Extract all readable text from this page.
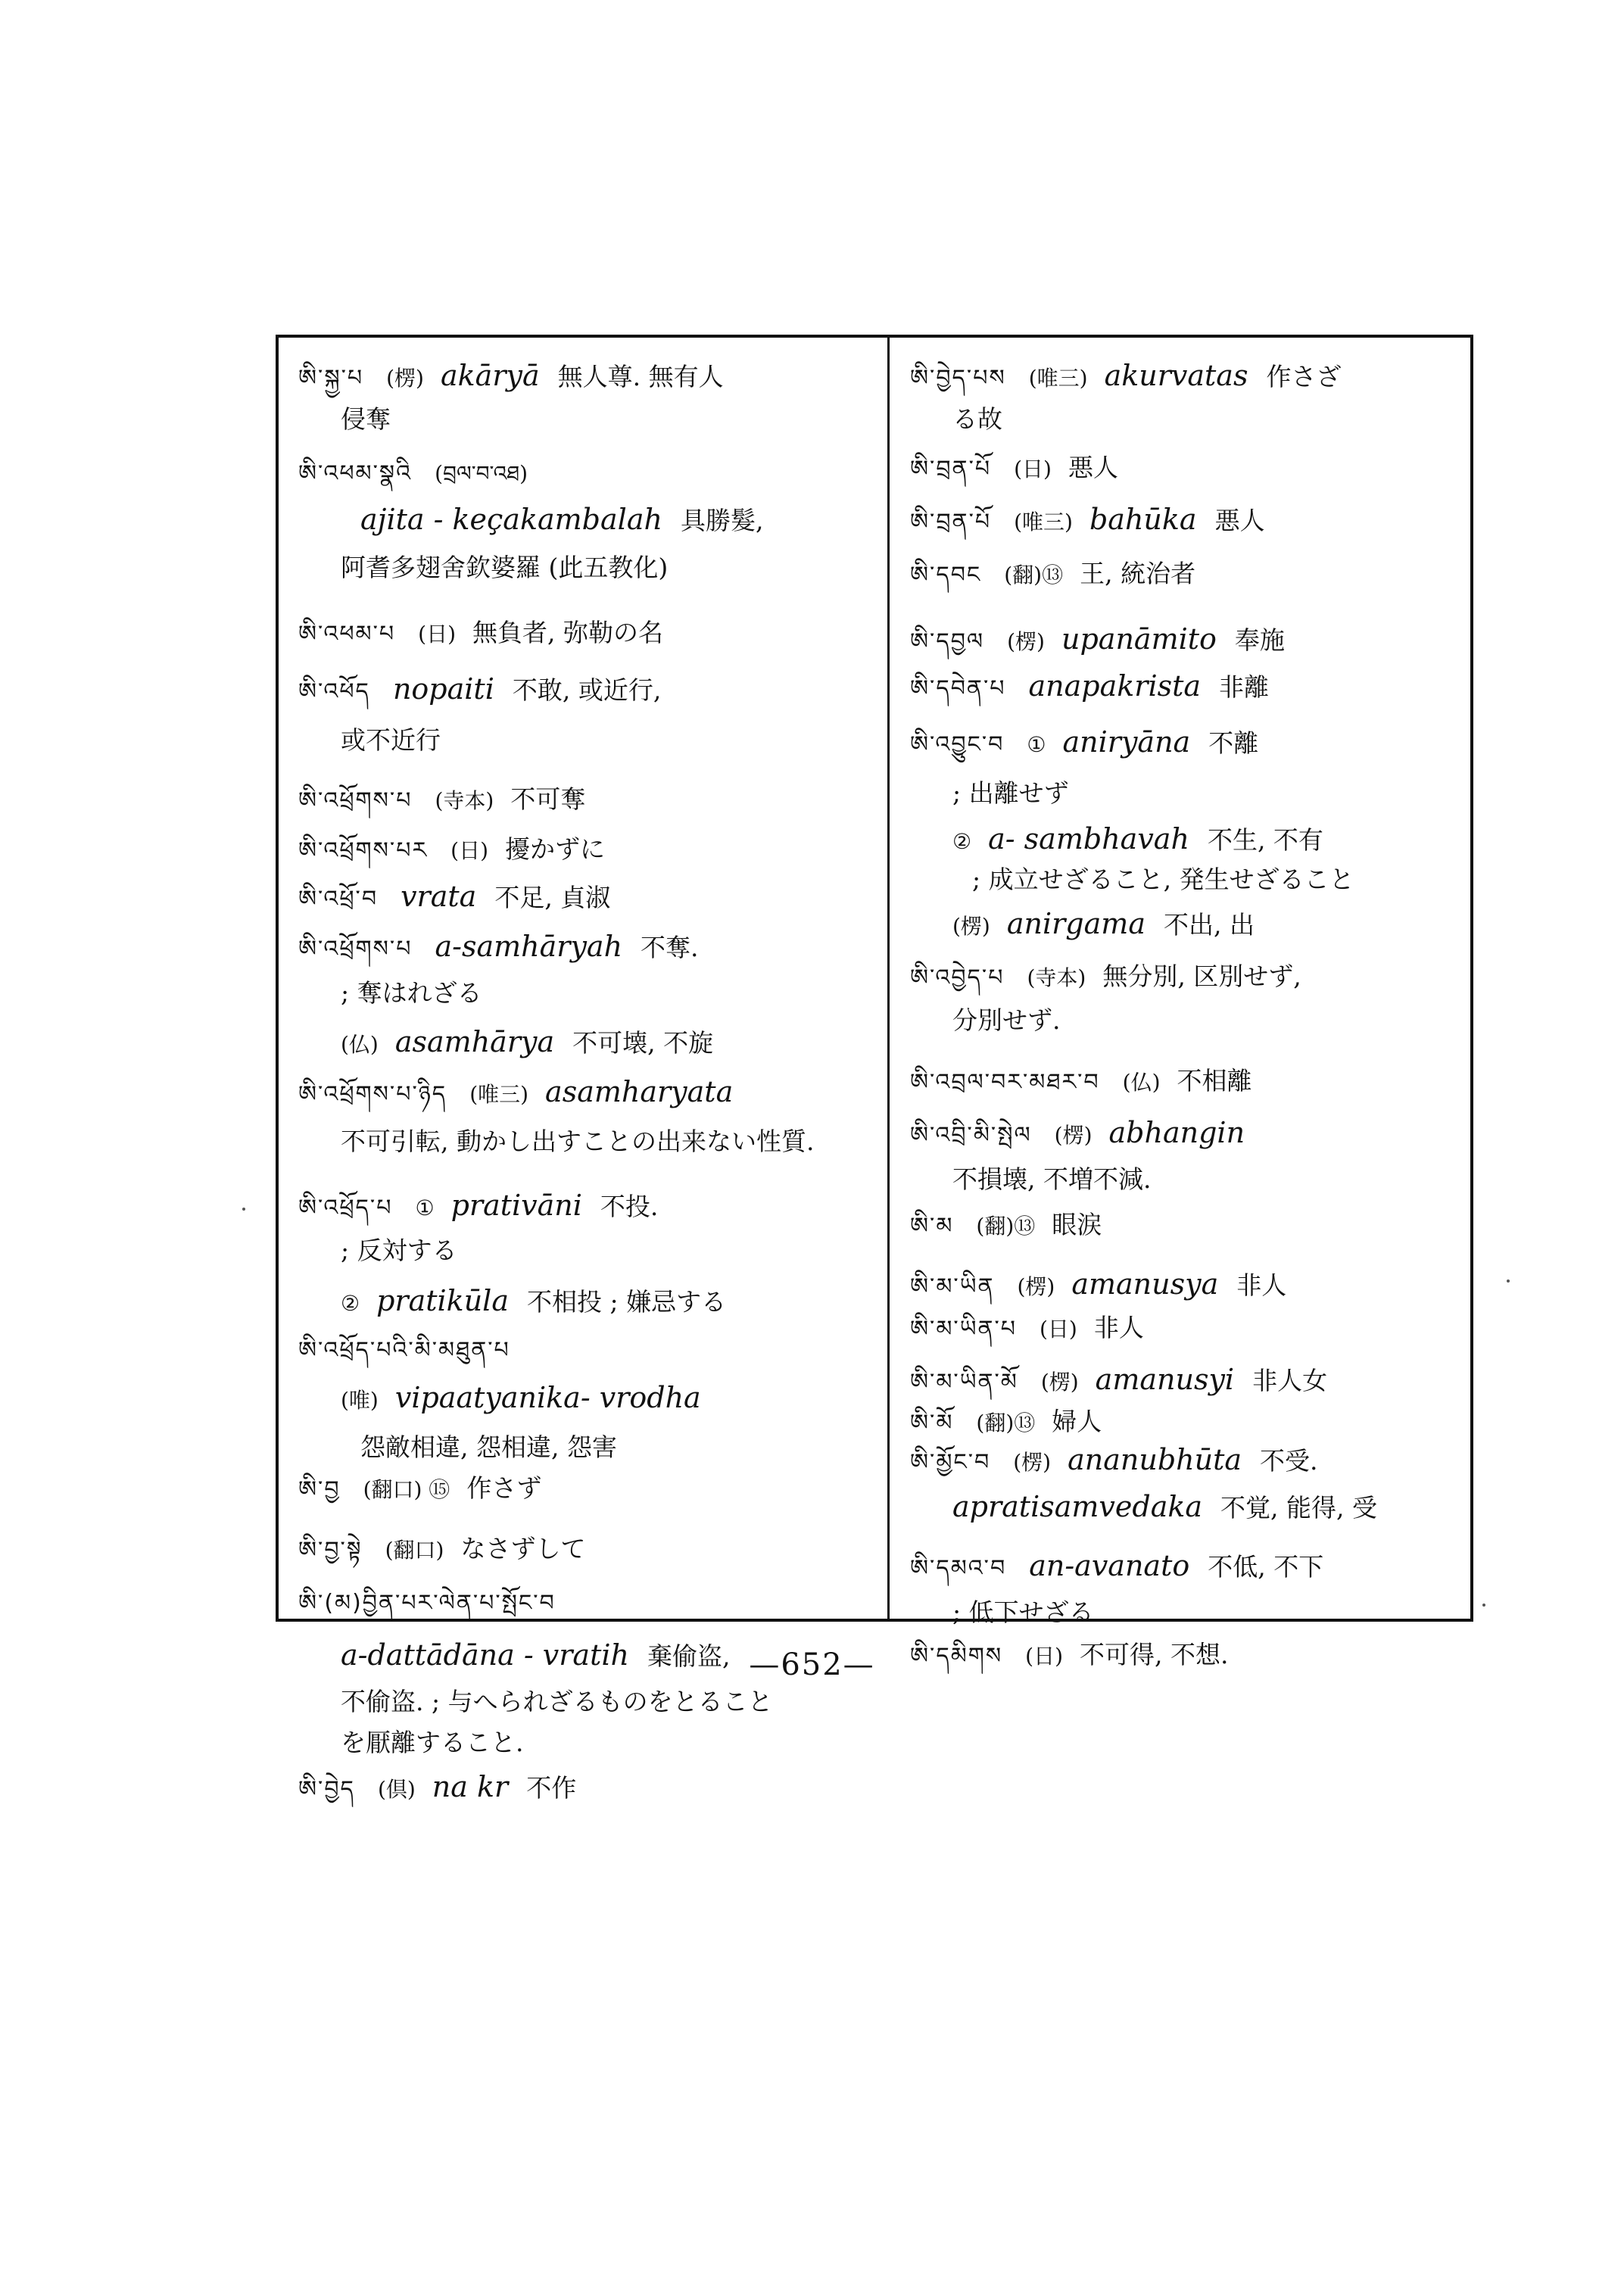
ཨི་སྐྱ་པ (楞) akāryā 無人尊. 無有人
侵奪
ཨི་འཕམ་སྣའི (བྲལ་བ་འཐ)
ajita - keçakambalah 具勝髮,
阿耆多翅舍欽婆羅 (此五教化)
ཨི་འཕམ་པ (日) 無負者, 弥勒の名
ཨི་འཕོད nopaiti 不敢, 或近行,
或不近行
ཨི་འཕྲོགས་པ (寺本) 不可奪
ཨི་འཕྲོགས་པར (日) 擾かずに
ཨི་འཕྲོ་བ vrata 不足, 貞淑
ཨི་འཕྲོགས་པ a-samhāryah 不奪.
; 奪はれざる
(仏) asamhārya 不可壊, 不旋
ཨི་འཕྲོགས་པ་ཉིད (唯三) asamharyata
不可引転, 動かし出すことの出来ない性質.
ཨི་འཕྲོད་པ ① prativāni 不投.
; 反対する
② pratikūla 不相投 ; 嫌忌する
ཨི་འཕྲོད་པའི་མི་མཐུན་པ
(唯) vipaatyanika- vrodha
怨敵相違, 怨相違, 怨害
ཨི་བྱ (翻口) ⑮ 作さず
ཨི་བྱ་སྟེ (翻口) なさずして
ཨི་(མ)བྱིན་པར་ལེན་པ་སྤོང་བ
a-dattādāna - vratih 棄偷盗,
不偷盗. ; 与へられざるものをとること
を厭離すること.
ཨི་བྱེད (倶) na kr 不作
ཨི་བྱེད་པས (唯三) akurvatas 作さざ
る故
ཨི་བྲན་པོ (日) 悪人
ཨི་བྲན་པོ (唯三) bahūka 悪人
ཨི་དབང (翻)⑬ 王, 統治者
ཨི་དབྱལ (楞) upanāmito 奉施
ཨི་དབེན་པ anapakrista 非離
ཨི་འབྱུང་བ ① aniryāna 不離
; 出離せず
② a- sambhavah 不生, 不有
; 成立せざること, 発生せざること
(楞) anirgama 不出, 出
ཨི་འབྱེད་པ (寺本) 無分別, 区別せず,
分別せず.
ཨི་འབྲལ་བར་མཐར་བ (仏) 不相離
ཨི་འབྲི་མི་སྤེལ (楞) abhangin
不損壊, 不増不減.
ཨི་མ (翻)⑬ 眼涙
ཨི་མ་ཡིན (楞) amanusya 非人
ཨི་མ་ཡིན་པ (日) 非人
ཨི་མ་ཡིན་མོ (楞) amanusyi 非人女
ཨི་མོ (翻)⑬ 婦人
ཨི་མྱོང་བ (楞) ananubhūta 不受.
apratisamvedaka 不覚, 能得, 受
ཨི་དམའ་བ an-avanato 不低, 不下
; 低下せざる
ཨི་དམིགས (日) 不可得, 不想.
—652—
